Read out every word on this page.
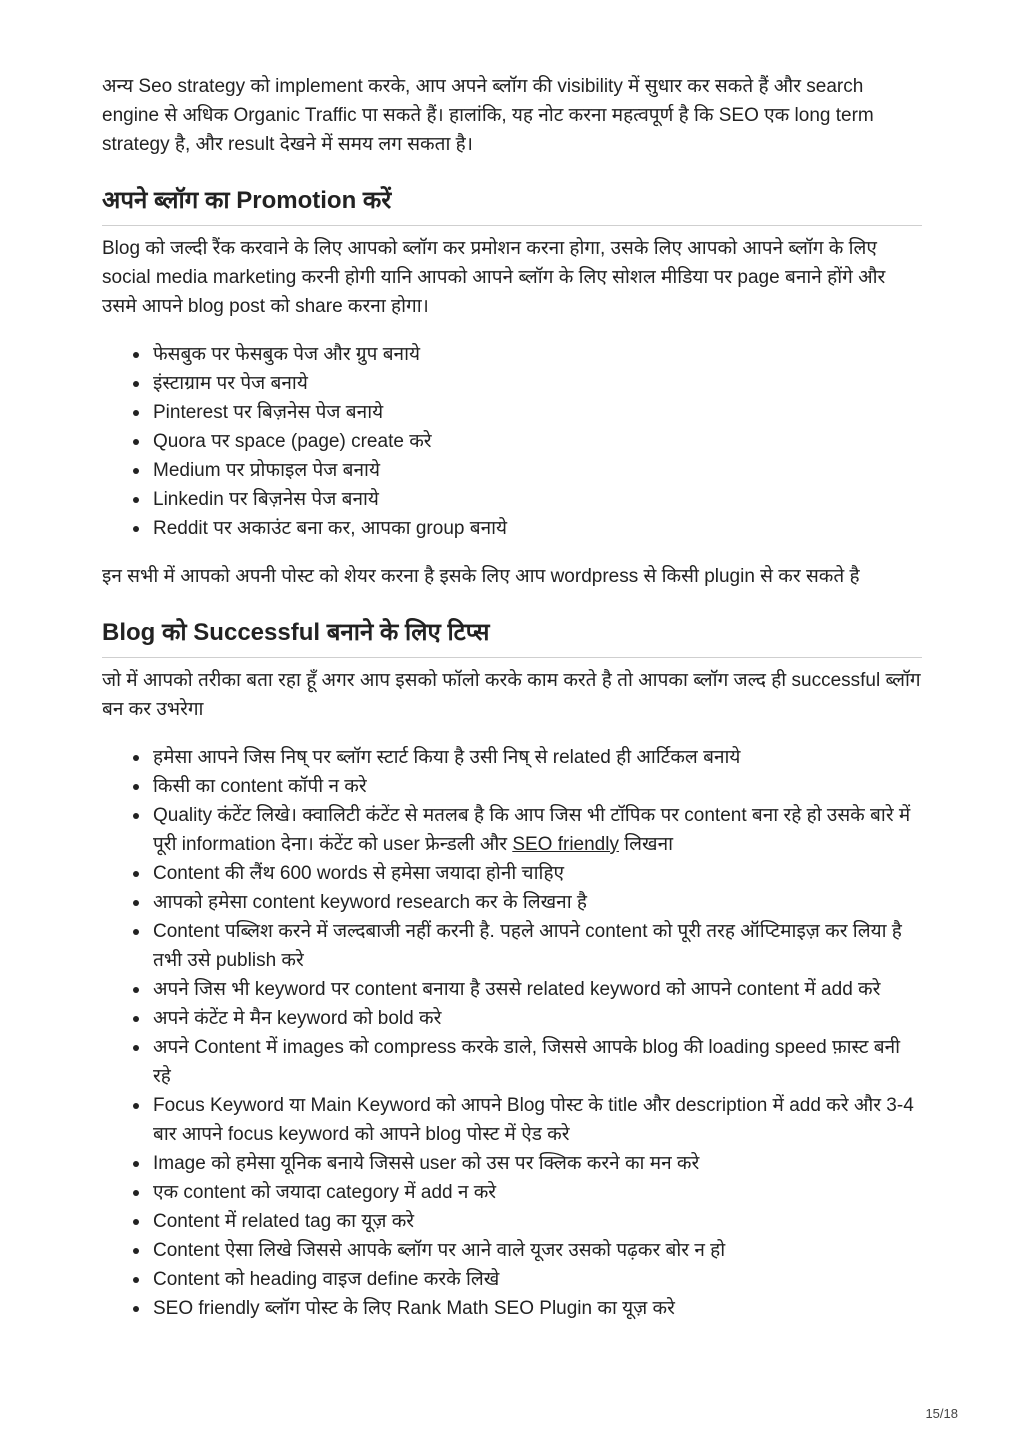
अन्य Seo strategy को implement करके, आप अपने ब्लॉग की visibility में सुधार कर सकते हैं और search engine से अधिक Organic Traffic पा सकते हैं। हालांकि, यह नोट करना महत्वपूर्ण है कि SEO एक long term strategy है, और result देखने में समय लग सकता है।

अपने ब्लॉग का Promotion करें

Blog को जल्दी रैंक करवाने के लिए आपको ब्लॉग कर प्रमोशन करना होगा, उसके लिए आपको आपने ब्लॉग के लिए social media marketing करनी होगी यानि आपको आपने ब्लॉग के लिए सोशल मीडिया पर page बनाने होंगे और उसमे आपने blog post को share करना होगा।

फेसबुक पर फेसबुक पेज और ग्रुप बनाये
इंस्टाग्राम पर पेज बनाये
Pinterest पर बिज़नेस पेज बनाये
Quora पर space (page) create करे
Medium पर प्रोफाइल पेज बनाये
Linkedin पर बिज़नेस पेज बनाये
Reddit पर अकाउंट बना कर, आपका group बनाये

इन सभी में आपको अपनी पोस्ट को शेयर करना है इसके लिए आप wordpress से किसी plugin से कर सकते है

Blog को Successful बनाने के लिए टिप्स

जो में आपको तरीका बता रहा हूँ अगर आप इसको फॉलो करके काम करते है तो आपका ब्लॉग जल्द ही successful ब्लॉग बन कर उभरेगा

हमेसा आपने जिस निष् पर ब्लॉग स्टार्ट किया है उसी निष् से related ही आर्टिकल बनाये
किसी का content कॉपी न करे
Quality कंटेंट लिखे। क्वालिटी कंटेंट से मतलब है कि आप जिस भी टॉपिक पर content बना रहे हो उसके बारे में पूरी information देना। कंटेंट को user फ्रेन्डली और SEO friendly लिखना
Content की लैंथ 600 words से हमेसा जयादा होनी चाहिए
आपको हमेसा content keyword research कर के लिखना है
Content पब्लिश करने में जल्दबाजी नहीं करनी है. पहले आपने content को पूरी तरह ऑप्टिमाइज़ कर लिया है तभी उसे publish करे
अपने जिस भी keyword पर content बनाया है उससे related keyword को आपने content में add करे
अपने कंटेंट मे मैन keyword को bold करे
अपने Content में images को compress करके डाले, जिससे आपके blog की loading speed फ़ास्ट बनी रहे
Focus Keyword या Main Keyword को आपने Blog पोस्ट के title और description में add करे और 3-4 बार आपने focus keyword को आपने blog पोस्ट में ऐड करे
Image को हमेसा यूनिक बनाये जिससे user को उस पर क्लिक करने का मन करे
एक content को जयादा category में add न करे
Content में related tag का यूज़ करे
Content ऐसा लिखे जिससे आपके ब्लॉग पर आने वाले यूजर उसको पढ़कर बोर न हो
Content को heading वाइज define करके लिखे
SEO friendly ब्लॉग पोस्ट के लिए Rank Math SEO Plugin का यूज़ करे
15/18
